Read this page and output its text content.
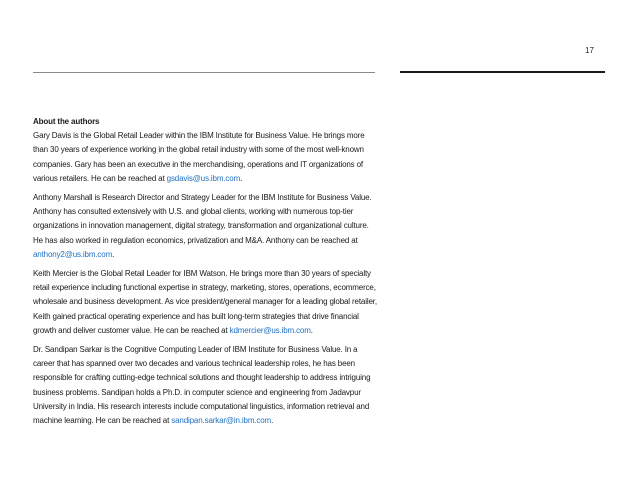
17

About the authors

Gary Davis is the Global Retail Leader within the IBM Institute for Business Value. He brings more than 30 years of experience working in the global retail industry with some of the most well-known companies. Gary has been an executive in the merchandising, operations and IT organizations of various retailers. He can be reached at gsdavis@us.ibm.com.

Anthony Marshall is Research Director and Strategy Leader for the IBM Institute for Business Value. Anthony has consulted extensively with U.S. and global clients, working with numerous top-tier organizations in innovation management, digital strategy, transformation and organizational culture. He has also worked in regulation economics, privatization and M&A. Anthony can be reached at anthony2@us.ibm.com.

Keith Mercier is the Global Retail Leader for IBM Watson. He brings more than 30 years of specialty retail experience including functional expertise in strategy, marketing, stores, operations, ecommerce, wholesale and business development. As vice president/general manager for a leading global retailer, Keith gained practical operating experience and has built long-term strategies that drive financial growth and deliver customer value. He can be reached at kdmercier@us.ibm.com.

Dr. Sandipan Sarkar is the Cognitive Computing Leader of IBM Institute for Business Value. In a career that has spanned over two decades and various technical leadership roles, he has been responsible for crafting cutting-edge technical solutions and thought leadership to address intriguing business problems. Sandipan holds a Ph.D. in computer science and engineering from Jadavpur University in India. His research interests include computational linguistics, information retrieval and machine learning. He can be reached at sandipan.sarkar@in.ibm.com.
